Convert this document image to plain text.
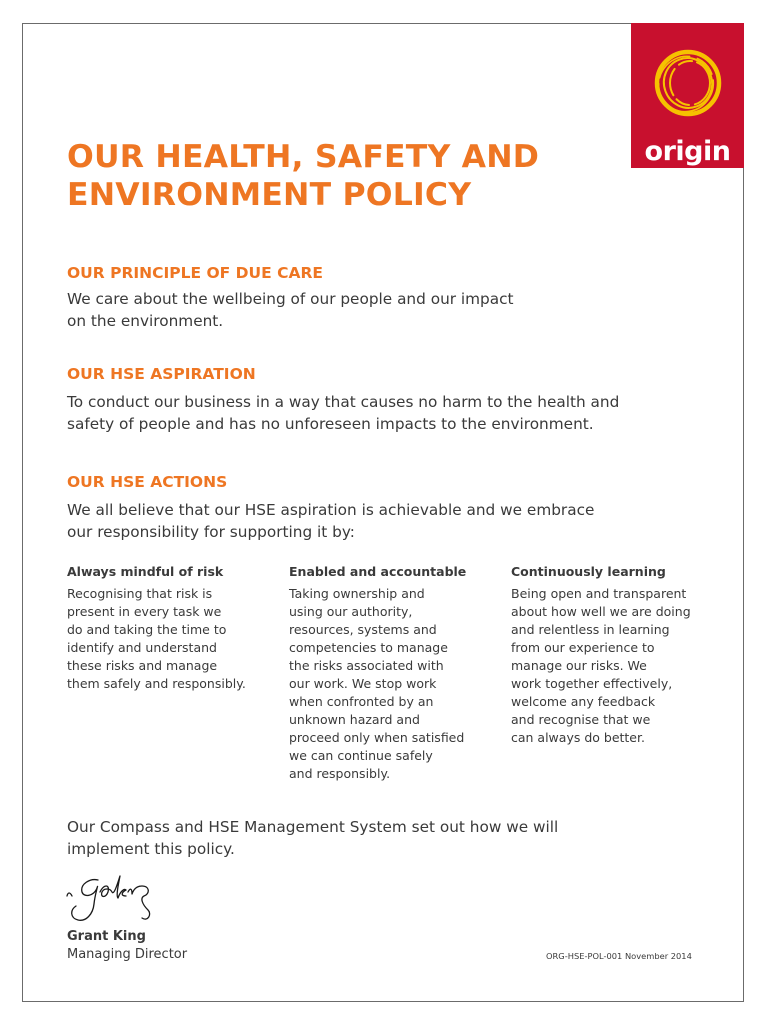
origin
OUR HEALTH, SAFETY AND
ENVIRONMENT POLICY
OUR PRINCIPLE OF DUE CARE

We care about the wellbeing of our people and our impact
on the environment.

OUR HSE ASPIRATION

To conduct our business in a way that causes no harm to the health and
safety of people and has no unforeseen impacts to the environment.

OUR HSE ACTIONS

We all believe that our HSE aspiration is achievable and we embrace
our responsibility for supporting it by:

Always mindful of risk

Recognising that risk is
present in every task we
do and taking the time to
identify and understand
these risks and manage
them safely and responsibly.

Enabled and accountable

Taking ownership and
using our authority,
resources, systems and
competencies to manage
the risks associated with
our work. We stop work
when confronted by an
unknown hazard and
proceed only when satisfied
we can continue safely
and responsibly.

Continuously learning

Being open and transparent
about how well we are doing
and relentless in learning
from our experience to
manage our risks. We
work together effectively,
welcome any feedback
and recognise that we
can always do better.

Our Compass and HSE Management System set out how we will
implement this policy.

Grant King
Managing Director	ORG-HSE-POL-001 November 2014
